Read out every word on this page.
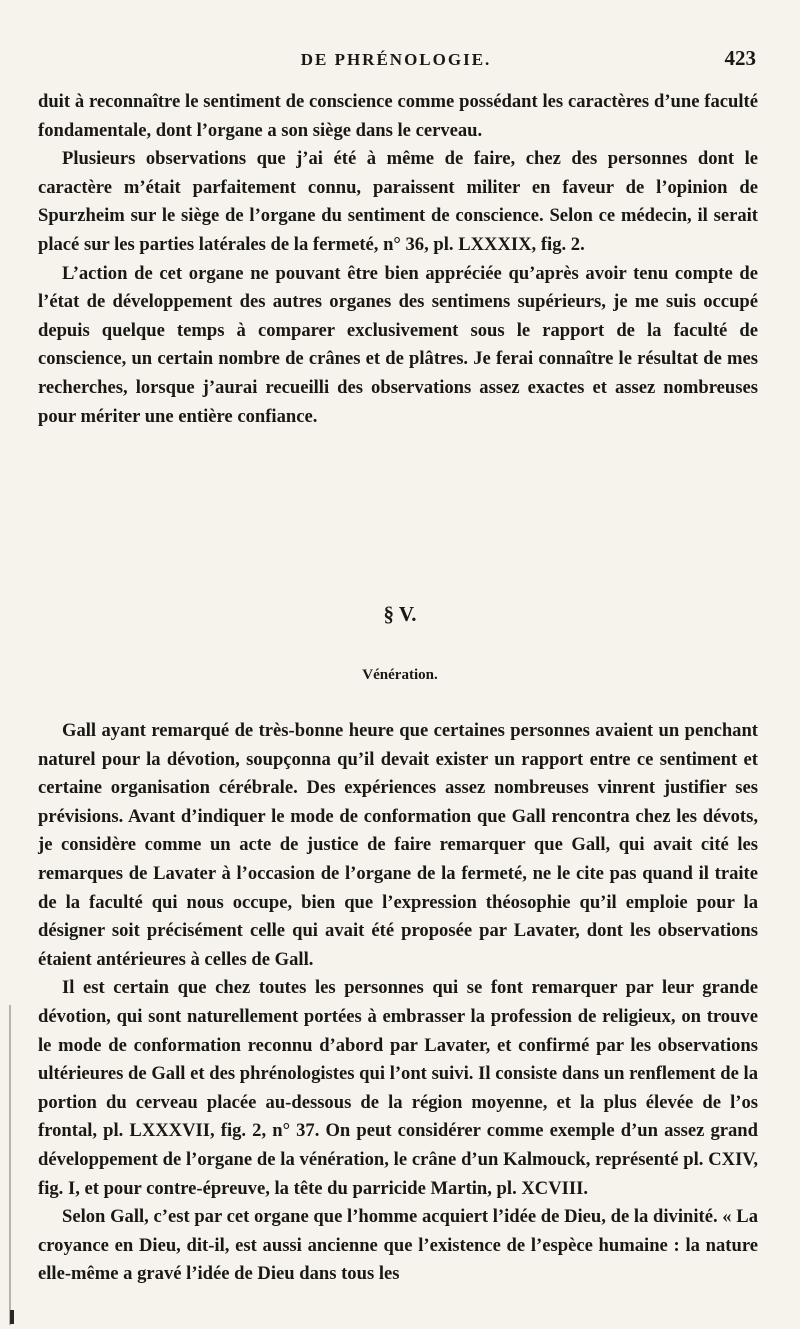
DE PHRÉNOLOGIE.	423

duit à reconnaître le sentiment de conscience comme possédant les caractères d’une faculté fondamentale, dont l’organe a son siège dans le cerveau.

Plusieurs observations que j’ai été à même de faire, chez des personnes dont le caractère m’était parfaitement connu, paraissent militer en faveur de l’opinion de Spurzheim sur le siège de l’organe du sentiment de conscience. Selon ce médecin, il serait placé sur les parties latérales de la fermeté, n° 36, pl. LXXXIX, fig. 2.

L’action de cet organe ne pouvant être bien appréciée qu’après avoir tenu compte de l’état de développement des autres organes des sentimens supérieurs, je me suis occupé depuis quelque temps à comparer exclusivement sous le rapport de la faculté de conscience, un certain nombre de crânes et de plâtres. Je ferai connaître le résultat de mes recherches, lorsque j’aurai recueilli des observations assez exactes et assez nombreuses pour mériter une entière confiance.

§ V.
Vénération.

Gall ayant remarqué de très-bonne heure que certaines personnes avaient un penchant naturel pour la dévotion, soupçonna qu’il devait exister un rapport entre ce sentiment et certaine organisation cérébrale. Des expériences assez nombreuses vinrent justifier ses prévisions. Avant d’indiquer le mode de conformation que Gall rencontra chez les dévots, je considère comme un acte de justice de faire remarquer que Gall, qui avait cité les remarques de Lavater à l’occasion de l’organe de la fermeté, ne le cite pas quand il traite de la faculté qui nous occupe, bien que l’expression théosophie qu’il emploie pour la désigner soit précisément celle qui avait été proposée par Lavater, dont les observations étaient antérieures à celles de Gall.

Il est certain que chez toutes les personnes qui se font remarquer par leur grande dévotion, qui sont naturellement portées à embrasser la profession de religieux, on trouve le mode de conformation reconnu d’abord par Lavater, et confirmé par les observations ultérieures de Gall et des phrénologistes qui l’ont suivi. Il consiste dans un renflement de la portion du cerveau placée au-dessous de la région moyenne, et la plus élevée de l’os frontal, pl. LXXXVII, fig. 2, n° 37. On peut considérer comme exemple d’un assez grand développement de l’organe de la vénération, le crâne d’un Kalmouck, représenté pl. CXIV, fig. I, et pour contre-épreuve, la tête du parricide Martin, pl. XCVIII.

Selon Gall, c’est par cet organe que l’homme acquiert l’idée de Dieu, de la divinité. « La croyance en Dieu, dit-il, est aussi ancienne que l’existence de l’espèce humaine : la nature elle-même a gravé l’idée de Dieu dans tous les
